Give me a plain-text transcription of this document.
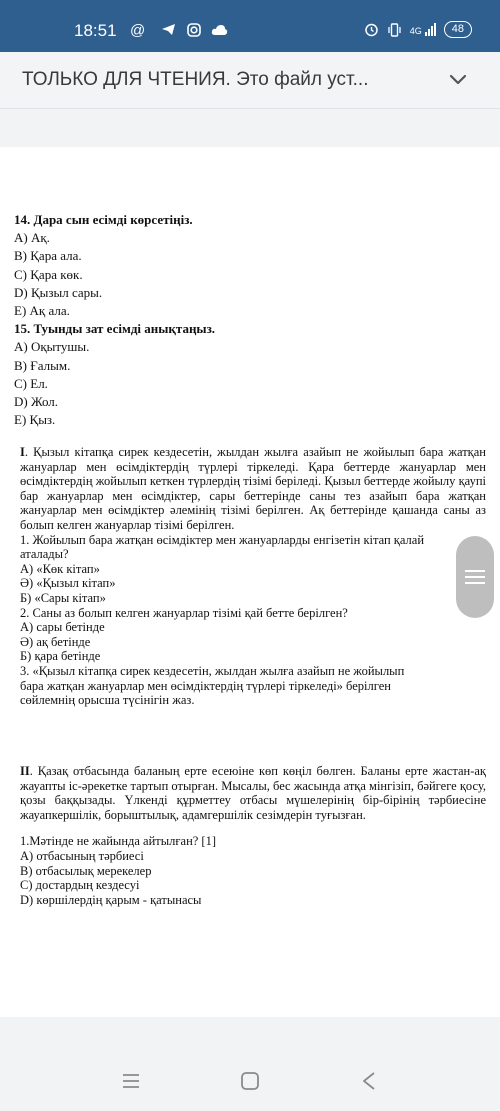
18:51 @	4G	48
ТОЛЬКО ДЛЯ ЧТЕНИЯ. Это файл уст...
14. Дара сын есімді көрсетіңіз.
A) Ақ.
B) Қара ала.
C) Қара көк.
D) Қызыл сары.
E) Ақ ала.
15. Туынды зат есімді анықтаңыз.
A) Оқытушы.
B) Ғалым.
C) Ел.
D) Жол.
E) Қыз.
I. Қызыл кітапқа сирек кездесетін, жылдан жылға азайып не жойылып бара жатқан жануарлар мен өсімдіктердің түрлері тіркеледі. Қара беттерде жануарлар мен өсімдіктердің жойылып кеткен түрлердің тізімі беріледі. Қызыл беттерде жойылу қаупі бар жануарлар мен өсімдіктер, сары беттерінде саны тез азайып бара жатқан жануарлар мен өсімдіктер әлемінің тізімі берілген. Ақ беттерінде қашанда саны аз болып келген жануарлар тізімі берілген.
1. Жойылып бара жатқан өсімдіктер мен жануарларды енгізетін кітап қалай
аталады?
А) «Көк кітап»
Ә) «Қызыл кітап»
Б) «Сары кітап»
2. Саны аз болып келген жануарлар тізімі қай бетте берілген?
А) сары бетінде
Ә) ақ бетінде
Б) қара бетінде
3. «Қызыл кітапқа сирек кездесетін, жылдан жылға азайып не жойылып
бара жатқан жануарлар мен өсімдіктердің түрлері тіркеледі» берілген
сөйлемнің орысша түсінігін жаз.
II. Қазақ отбасында баланың ерте есеюіне көп көңіл бөлген. Баланы ерте жастан-ақ жауапты іс-әрекетке тартып отырған. Мысалы, бес жасында атқа мінгізіп, бәйгеге қосу, қозы баққызады. Үлкенді құрметтеу отбасы мүшелерінің бір-бірінің тәрбиесіне жауапкершілік, борыштылық, адамгершілік сезімдерін туғызған.
1.Мәтінде не жайында айтылған? [1]
A) отбасының тәрбиесі
B) отбасылық мерекелер
C) достардың кездесуі
D) көршілердің қарым - қатынасы
